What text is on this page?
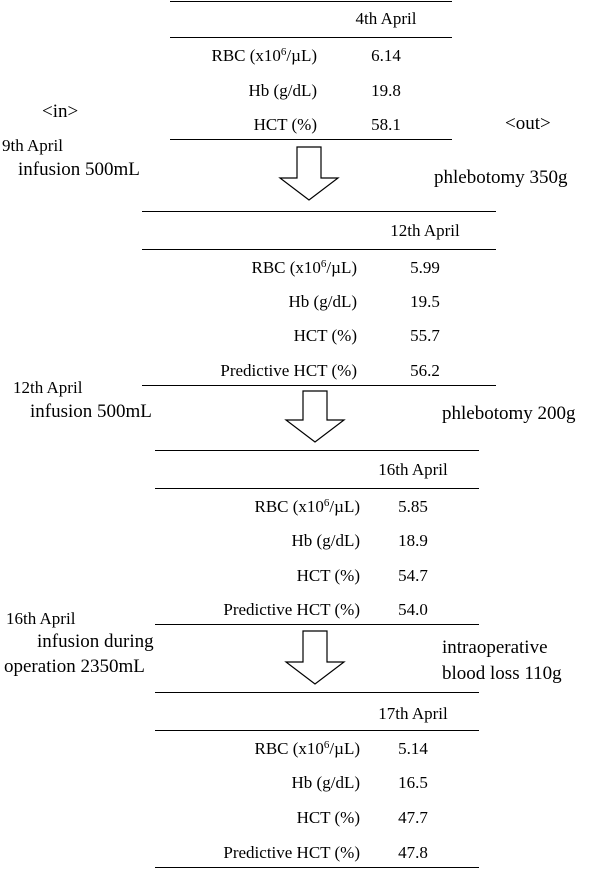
<in>
<out>
4th April
RBC $(x10^6/\mu L)$	6.14
Hb (g/dL)	19.8
HCT (%)	58.1
9th April
infusion 500mL	phlebotomy 350g
12th April
RBC $(x10^6/\mu L)$	5.99
Hb (g/dL)	19.5
HCT (%)	55.7
Predictive HCT (%)	56.2
12th April
infusion 500mL	phlebotomy 200g
16th April
RBC $(x10^6/\mu L)$	5.85
Hb (g/dL)	18.9
HCT (%)	54.7
Predictive HCT (%)	54.0
16th April
infusion during
operation 2350mL
intraoperative
blood loss 110g
17th April
RBC $(x10^6/\mu L)$	5.14
Hb (g/dL)	16.5
HCT (%)	47.7
Predictive HCT (%)	47.8
